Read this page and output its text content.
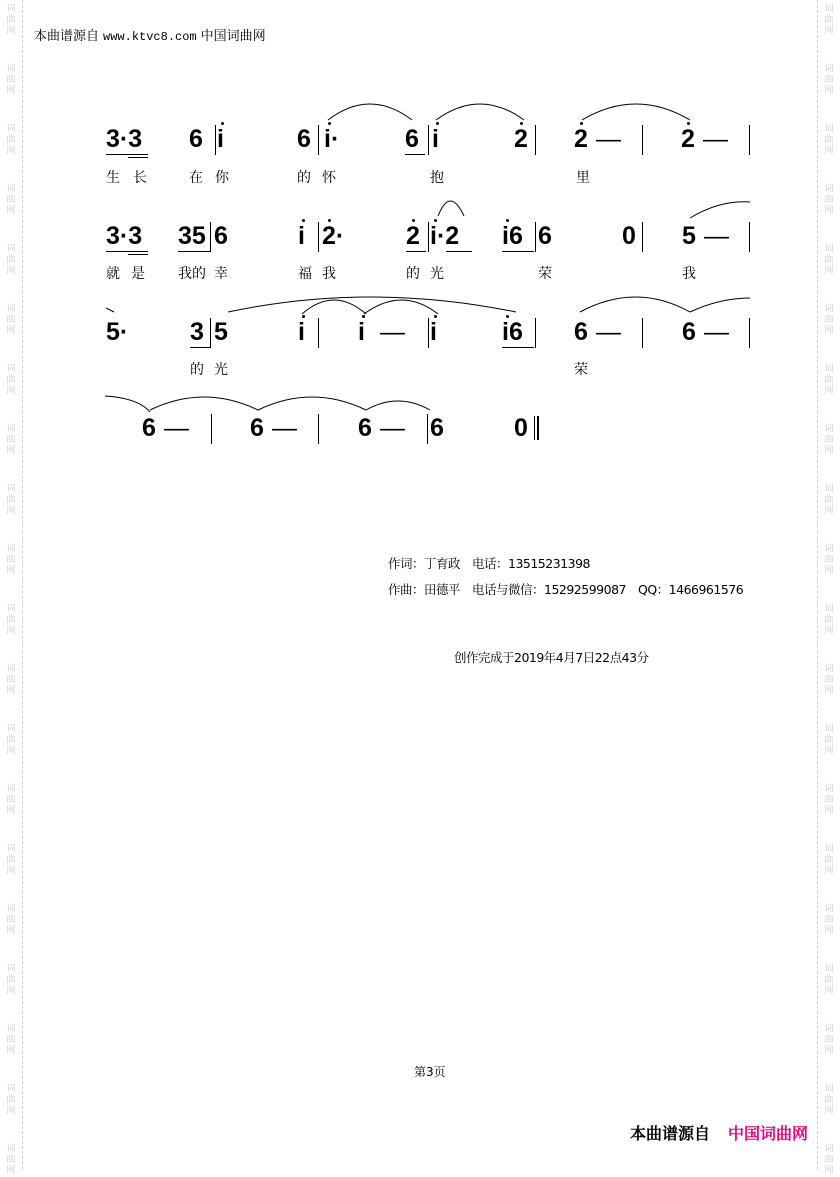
词
曲
网
词
曲
网
词
曲
网
词
曲
网
词
曲
网
词
曲
网
词
曲
网
词
曲
网
词
曲
网
词
曲
网
词
曲
网
词
曲
网
词
曲
网
词
曲
网
词
曲
网
词
曲
网
词
曲
网
词
曲
网
词
曲
网
词
曲
网
词
曲
网
词
曲
网
词
曲
网
词
曲
网
词
曲
网
词
曲
网
词
曲
网
词
曲
网
词
曲
网
词
曲
网
词
曲
网
词
曲
网
词
曲
网
词
曲
网
词
曲
网
词
曲
网
词
曲
网
词
曲
网
词
曲
网
词
曲
网
本曲谱源自 www.ktvc8.com 中国词曲网
3·3 6 i	6 i·	6 i	2 2 — 2 —
生 长	在 你	的 怀	抱	里
3·3 35 6	i 2· 2 i·2 i6 6	0 5 —
就 是 我 的 幸	福 我	的 光	荣	我
5· 3 5	i i — i	i6 6 — 6 —
的 光	荣
6 — 6 — 6 — 6	0
作词：丁育政　电话：13515231398
作曲：田德平　电话与微信：15292599087　QQ：1466961576
创作完成于2019年4月7日22点43分
第3页
本曲谱源自 中国词曲网
